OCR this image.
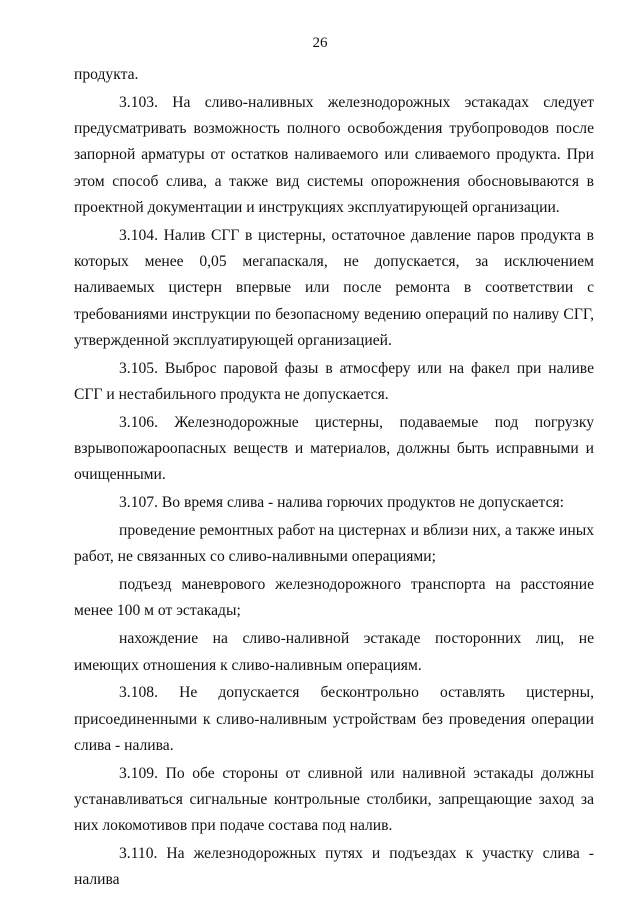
26

продукта.

3.103. На сливо-наливных железнодорожных эстакадах следует предусматривать возможность полного освобождения трубопроводов после запорной арматуры от остатков наливаемого или сливаемого продукта. При этом способ слива, а также вид системы опорожнения обосновываются в проектной документации и инструкциях эксплуатирующей организации.

3.104. Налив СГГ в цистерны, остаточное давление паров продукта в которых менее 0,05 мегапаскаля, не допускается, за исключением наливаемых цистерн впервые или после ремонта в соответствии с требованиями инструкции по безопасному ведению операций по наливу СГГ, утвержденной эксплуатирующей организацией.

3.105. Выброс паровой фазы в атмосферу или на факел при наливе СГГ и нестабильного продукта не допускается.

3.106. Железнодорожные цистерны, подаваемые под погрузку взрывопожароопасных веществ и материалов, должны быть исправными и очищенными.

3.107. Во время слива - налива горючих продуктов не допускается:

проведение ремонтных работ на цистернах и вблизи них, а также иных работ, не связанных со сливо-наливными операциями;

подъезд маневрового железнодорожного транспорта на расстояние менее 100 м от эстакады;

нахождение на сливо-наливной эстакаде посторонних лиц, не имеющих отношения к сливо-наливным операциям.

3.108. Не допускается бесконтрольно оставлять цистерны, присоединенными к сливо-наливным устройствам без проведения операции слива - налива.

3.109. По обе стороны от сливной или наливной эстакады должны устанавливаться сигнальные контрольные столбики, запрещающие заход за них локомотивов при подаче состава под налив.

3.110. На железнодорожных путях и подъездах к участку слива - налива
